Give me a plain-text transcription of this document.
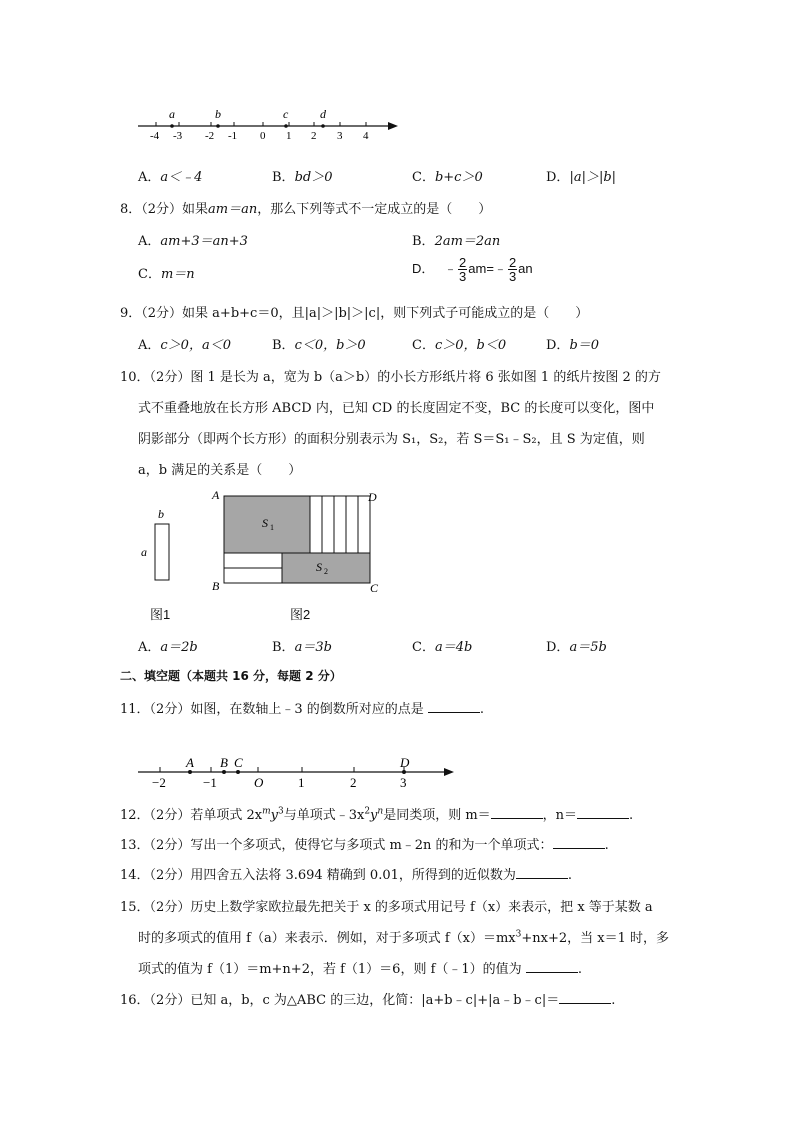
-4 -3 -2 -1 0 1 2 3 4
a	b	c	d
A．a＜﹣4	B．bd＞0	C．b+c＞0	D．|a|＞|b|
8．（2分）如果am＝an，那么下列等式不一定成立的是（　　）
A．am+3＝an+3	B．2am＝2an
C．m＝n	D． ﹣ $\frac{2}{3}$ am=﹣ $\frac{2}{3}$ an
9．（2分）如果 a+b+c＝0，且|a|＞|b|＞|c|，则下列式子可能成立的是（　　）
A．c＞0，a＜0	B．c＜0，b＞0	C．c＞0，b＜0	D．b＝0
10．（2分）图 1 是长为 a，宽为 b（a＞b）的小长方形纸片将 6 张如图 1 的纸片按图 2 的方
式不重叠地放在长方形 ABCD 内，已知 CD 的长度固定不变，BC 的长度可以变化，图中
阴影部分（即两个长方形）的面积分别表示为 S₁，S₂，若 S＝S₁﹣S₂，且 S 为定值，则
a，b 满足的关系是（　　）
b
a
图1
A	D
B	C
S 1
S 2
图2
A．a＝2b	B．a＝3b	C．a＝4b	D．a＝5b
二、填空题（本题共 16 分，每题 2 分）
11．（2分）如图，在数轴上﹣3 的倒数所对应的点是	.
−2	−1	O	1	2	3
A B C	D
12．（2分）若单项式 $2x^my^3$与单项式$﹣3x^2y^n$是同类项，则 m＝	，n＝	.
13．（2分）写出一个多项式，使得它与多项式 m﹣2n 的和为一个单项式：	.
14．（2分）用四舍五入法将 3.694 精确到 0.01，所得到的近似数为	.
15．（2分）历史上数学家欧拉最先把关于 x 的多项式用记号 f（x）来表示，把 x 等于某数 a
时的多项式的值用 f（a）来表示．例如，对于多项式 $f(x)=mx^3+nx+2$，当 x＝1 时，多
项式的值为 f（1）＝m+n+2，若 f（1）＝6，则 f（﹣1）的值为	.
16．（2分）已知 a，b，c 为△ABC 的三边，化简：|a+b﹣c|+|a﹣b﹣c|＝	.
